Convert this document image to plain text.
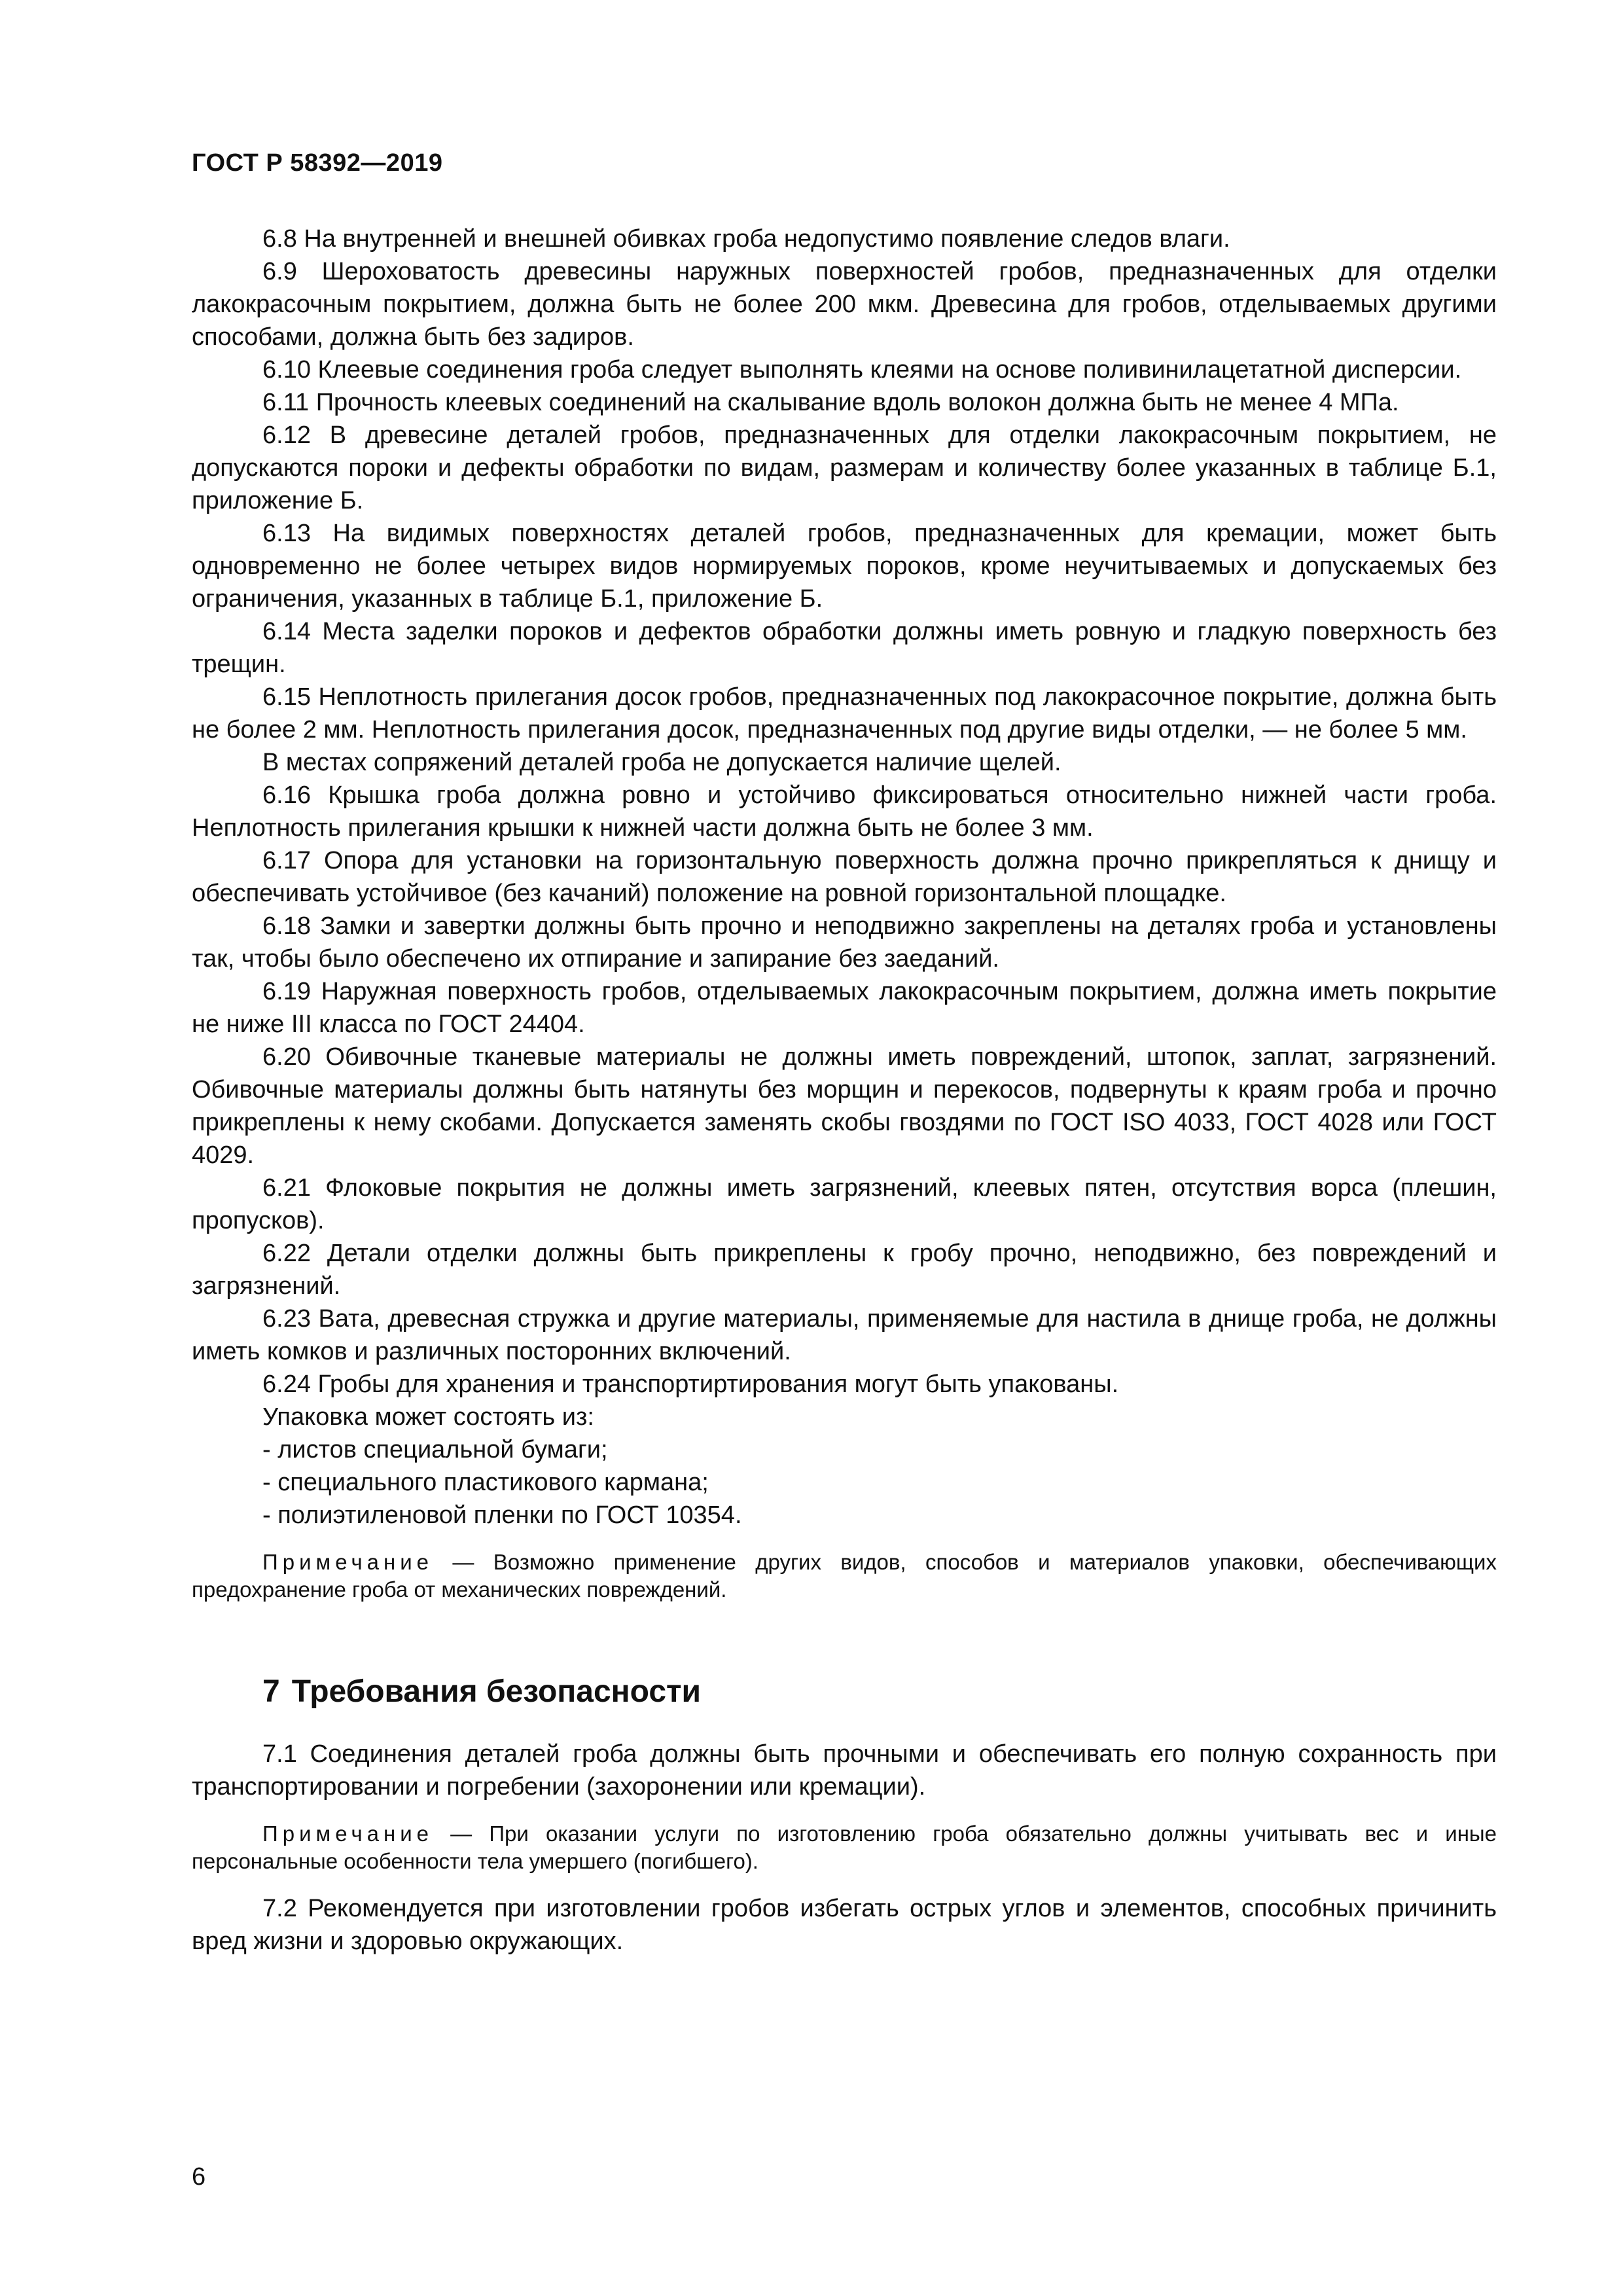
ГОСТ Р 58392—2019

6.8 На внутренней и внешней обивках гроба недопустимо появление следов влаги.

6.9 Шероховатость древесины наружных поверхностей гробов, предназначенных для отделки лакокрасочным покрытием, должна быть не более 200 мкм. Древесина для гробов, отделываемых другими способами, должна быть без задиров.

6.10 Клеевые соединения гроба следует выполнять клеями на основе поливинилацетатной дисперсии.

6.11 Прочность клеевых соединений на скалывание вдоль волокон должна быть не менее 4 МПа.

6.12 В древесине деталей гробов, предназначенных для отделки лакокрасочным покрытием, не допускаются пороки и дефекты обработки по видам, размерам и количеству более указанных в таблице Б.1, приложение Б.

6.13 На видимых поверхностях деталей гробов, предназначенных для кремации, может быть одновременно не более четырех видов нормируемых пороков, кроме неучитываемых и допускаемых без ограничения, указанных в таблице Б.1, приложение Б.

6.14 Места заделки пороков и дефектов обработки должны иметь ровную и гладкую поверхность без трещин.

6.15 Неплотность прилегания досок гробов, предназначенных под лакокрасочное покрытие, должна быть не более 2 мм. Неплотность прилегания досок, предназначенных под другие виды отделки, — не более 5 мм.

В местах сопряжений деталей гроба не допускается наличие щелей.

6.16 Крышка гроба должна ровно и устойчиво фиксироваться относительно нижней части гроба. Неплотность прилегания крышки к нижней части должна быть не более 3 мм.

6.17 Опора для установки на горизонтальную поверхность должна прочно прикрепляться к днищу и обеспечивать устойчивое (без качаний) положение на ровной горизонтальной площадке.

6.18 Замки и завертки должны быть прочно и неподвижно закреплены на деталях гроба и установлены так, чтобы было обеспечено их отпирание и запирание без заеданий.

6.19 Наружная поверхность гробов, отделываемых лакокрасочным покрытием, должна иметь покрытие не ниже III класса по ГОСТ 24404.

6.20 Обивочные тканевые материалы не должны иметь повреждений, штопок, заплат, загрязнений. Обивочные материалы должны быть натянуты без морщин и перекосов, подвернуты к краям гроба и прочно прикреплены к нему скобами. Допускается заменять скобы гвоздями по ГОСТ ISO 4033, ГОСТ 4028 или ГОСТ 4029.

6.21 Флоковые покрытия не должны иметь загрязнений, клеевых пятен, отсутствия ворса (плешин, пропусков).

6.22 Детали отделки должны быть прикреплены к гробу прочно, неподвижно, без повреждений и загрязнений.

6.23 Вата, древесная стружка и другие материалы, применяемые для настила в днище гроба, не должны иметь комков и различных посторонних включений.

6.24 Гробы для хранения и транспортиртирования могут быть упакованы.

Упаковка может состоять из:

- листов специальной бумаги;

- специального пластикового кармана;

- полиэтиленовой пленки по ГОСТ 10354.

Примечание — Возможно применение других видов, способов и материалов упаковки, обеспечивающих предохранение гроба от механических повреждений.

7 Требования безопасности

7.1 Соединения деталей гроба должны быть прочными и обеспечивать его полную сохранность при транспортировании и погребении (захоронении или кремации).

Примечание — При оказании услуги по изготовлению гроба обязательно должны учитывать вес и иные персональные особенности тела умершего (погибшего).

7.2 Рекомендуется при изготовлении гробов избегать острых углов и элементов, способных причинить вред жизни и здоровью окружающих.

6
